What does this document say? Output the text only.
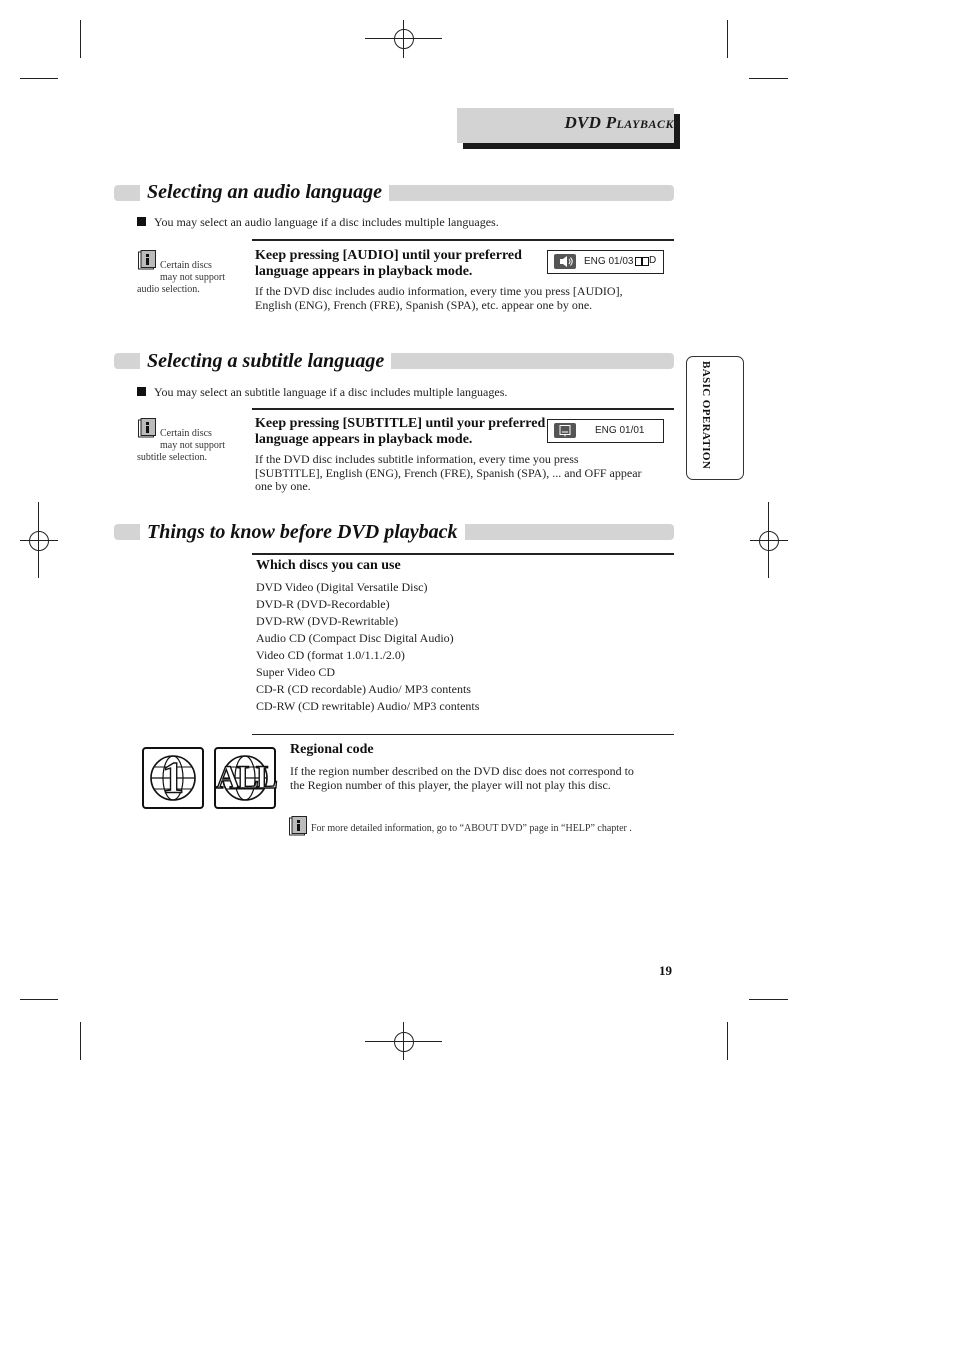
DVD PLAYBACK
BASIC OPERATION
Selecting an audio language
You may select an audio language if a disc includes multiple languages.
Certain discs
may not support
audio selection.
Keep pressing [AUDIO] until your preferred
language appears in playback mode.
ENG 01/03 D
If the DVD disc includes audio information, every time you press [AUDIO],
English (ENG), French (FRE), Spanish (SPA), etc. appear one by one.
Selecting a subtitle language
You may select an subtitle language if a disc includes multiple languages.
Certain discs
may not support
subtitle selection.
Keep pressing [SUBTITLE] until your preferred
language appears in playback mode.
ENG 01/01
If the DVD disc includes subtitle information, every time you press
[SUBTITLE], English (ENG), French (FRE), Spanish (SPA), ... and OFF appear
one by one.
Things to know before DVD playback
Which discs you can use
DVD Video (Digital Versatile Disc)
DVD-R (DVD-Recordable)
DVD-RW (DVD-Rewritable)
Audio CD (Compact Disc Digital Audio)
Video CD (format 1.0/1.1./2.0)
Super Video CD
CD-R (CD recordable) Audio/ MP3 contents
CD-RW (CD rewritable) Audio/ MP3 contents
1 ALL
Regional code
If the region number described on the DVD disc does not correspond to
the Region number of this player, the player will not play this disc.
For more detailed information, go to “ABOUT DVD” page in “HELP” chapter .
19
